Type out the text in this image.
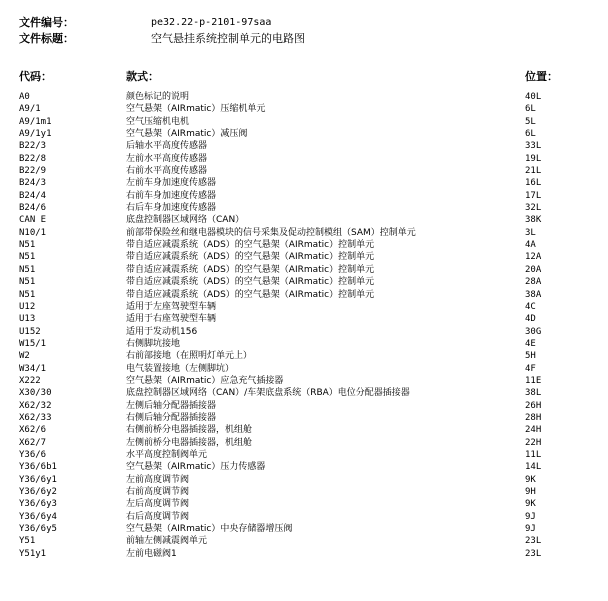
文件编号：	pe32.22-p-2101-97saa
文件标题：	空气悬挂系统控制单元的电路图
代码：	款式：	位置：
A0	颜色标记的说明	40L
A9/1	空气悬架（AIRmatic）压缩机单元	6L
A9/1m1	空气压缩机电机	5L
A9/1y1	空气悬架（AIRmatic）减压阀	6L
B22/3	后轴水平高度传感器	33L
B22/8	左前水平高度传感器	19L
B22/9	右前水平高度传感器	21L
B24/3	左前车身加速度传感器	16L
B24/4	右前车身加速度传感器	17L
B24/6	右后车身加速度传感器	32L
CAN E	底盘控制器区域网络（CAN）	38K
N10/1	前部带保险丝和继电器模块的信号采集及促动控制模组（SAM）控制单元	3L
N51	带自适应减震系统（ADS）的空气悬架（AIRmatic）控制单元	4A
N51	带自适应减震系统（ADS）的空气悬架（AIRmatic）控制单元	12A
N51	带自适应减震系统（ADS）的空气悬架（AIRmatic）控制单元	20A
N51	带自适应减震系统（ADS）的空气悬架（AIRmatic）控制单元	28A
N51	带自适应减震系统（ADS）的空气悬架（AIRmatic）控制单元	38A
U12	适用于左座驾驶型车辆	4C
U13	适用于右座驾驶型车辆	4D
U152	适用于发动机156	30G
W15/1	右侧脚坑接地	4E
W2	右前部接地（在照明灯单元上）	5H
W34/1	电气装置接地（左侧脚坑）	4F
X222	空气悬架（AIRmatic）应急充气插接器	11E
X30/30	底盘控制器区域网络（CAN）/车架底盘系统（RBA）电位分配器插接器	38L
X62/32	左侧后轴分配器插接器	26H
X62/33	右侧后轴分配器插接器	28H
X62/6	右侧前桥分电器插接器，机组舱	24H
X62/7	左侧前桥分电器插接器，机组舱	22H
Y36/6	水平高度控制阀单元	11L
Y36/6b1	空气悬架（AIRmatic）压力传感器	14L
Y36/6y1	左前高度调节阀	9K
Y36/6y2	右前高度调节阀	9H
Y36/6y3	左后高度调节阀	9K
Y36/6y4	右后高度调节阀	9J
Y36/6y5	空气悬架（AIRmatic）中央存储器增压阀	9J
Y51	前轴左侧减震阀单元	23L
Y51y1	左前电磁阀1	23L
